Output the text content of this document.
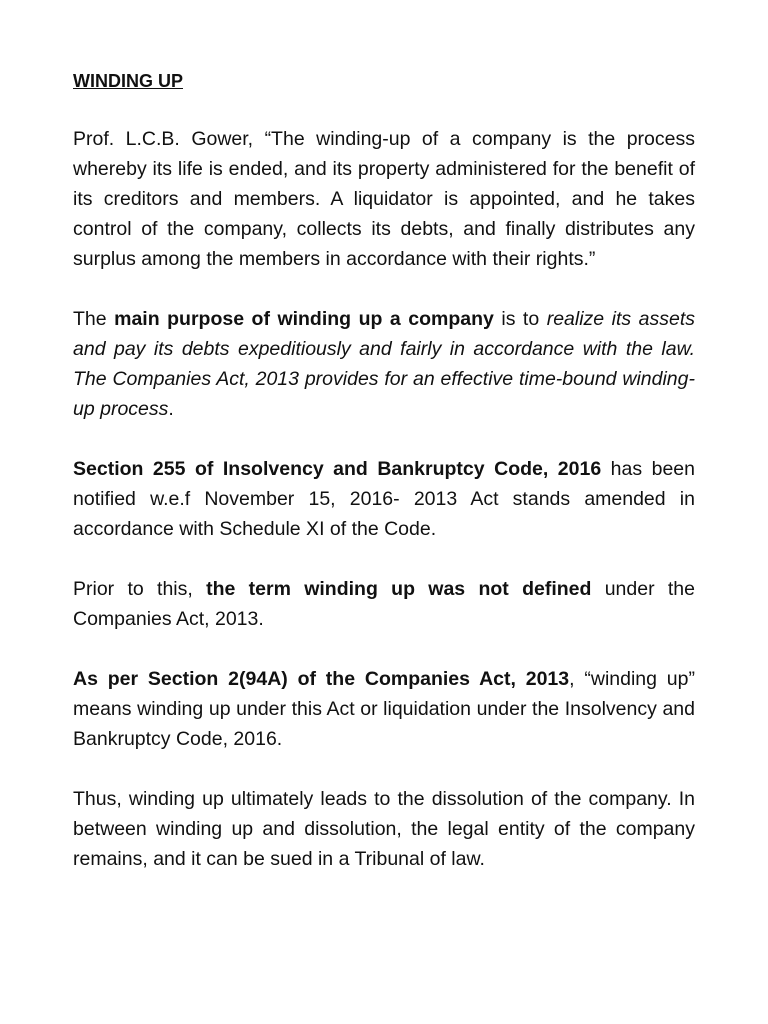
WINDING UP

Prof. L.C.B. Gower, “The winding-up of a company is the process whereby its life is ended, and its property administered for the benefit of its creditors and members. A liquidator is appointed, and he takes control of the company, collects its debts, and finally distributes any surplus among the members in accordance with their rights.”

The main purpose of winding up a company is to realize its assets and pay its debts expeditiously and fairly in accordance with the law. The Companies Act, 2013 provides for an effective time-bound winding-up process.

Section 255 of Insolvency and Bankruptcy Code, 2016 has been notified w.e.f November 15, 2016- 2013 Act stands amended in accordance with Schedule XI of the Code.

Prior to this, the term winding up was not defined under the Companies Act, 2013.

As per Section 2(94A) of the Companies Act, 2013, “winding up” means winding up under this Act or liquidation under the Insolvency and Bankruptcy Code, 2016.

Thus, winding up ultimately leads to the dissolution of the company. In between winding up and dissolution, the legal entity of the company remains, and it can be sued in a Tribunal of law.
